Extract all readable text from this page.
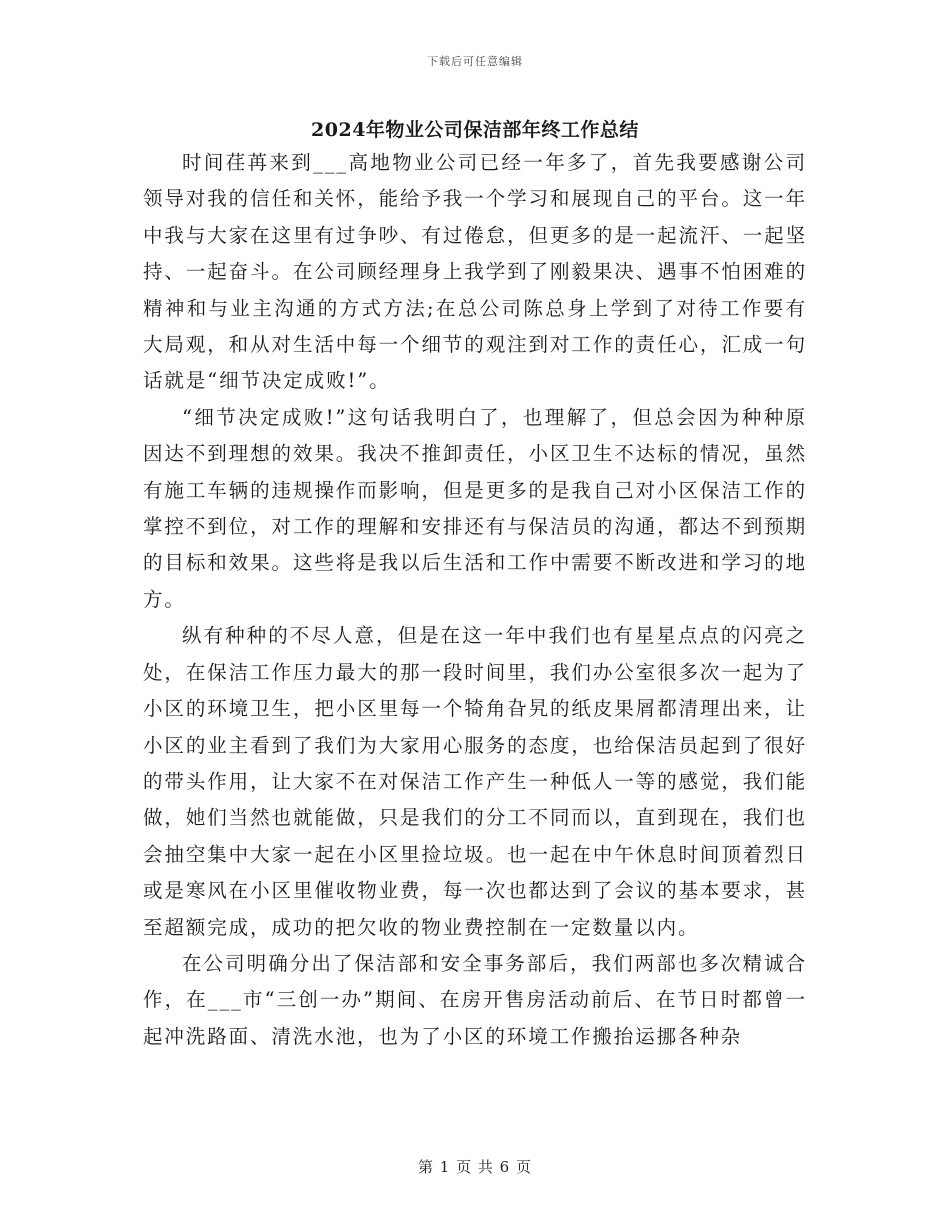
下载后可任意编辑
2024年物业公司保洁部年终工作总结

时间荏苒来到___高地物业公司已经一年多了，首先我要感谢公司领导对我的信任和关怀，能给予我一个学习和展现自己的平台。这一年中我与大家在这里有过争吵、有过倦怠，但更多的是一起流汗、一起坚持、一起奋斗。在公司顾经理身上我学到了刚毅果决、遇事不怕困难的精神和与业主沟通的方式方法;在总公司陈总身上学到了对待工作要有大局观，和从对生活中每一个细节的观注到对工作的责任心，汇成一句话就是“细节决定成败!”。

“细节决定成败!”这句话我明白了，也理解了，但总会因为种种原因达不到理想的效果。我决不推卸责任，小区卫生不达标的情况，虽然有施工车辆的违规操作而影响，但是更多的是我自己对小区保洁工作的掌控不到位，对工作的理解和安排还有与保洁员的沟通，都达不到预期的目标和效果。这些将是我以后生活和工作中需要不断改进和学习的地方。

纵有种种的不尽人意，但是在这一年中我们也有星星点点的闪亮之处，在保洁工作压力最大的那一段时间里，我们办公室很多次一起为了小区的环境卫生，把小区里每一个犄角旮旯的纸皮果屑都清理出来，让小区的业主看到了我们为大家用心服务的态度，也给保洁员起到了很好的带头作用，让大家不在对保洁工作产生一种低人一等的感觉，我们能做，她们当然也就能做，只是我们的分工不同而以，直到现在，我们也会抽空集中大家一起在小区里捡垃圾。也一起在中午休息时间顶着烈日或是寒风在小区里催收物业费，每一次也都达到了会议的基本要求，甚至超额完成，成功的把欠收的物业费控制在一定数量以内。

在公司明确分出了保洁部和安全事务部后，我们两部也多次精诚合作，在___市“三创一办”期间、在房开售房活动前后、在节日时都曾一起冲洗路面、清洗水池，也为了小区的环境工作搬抬运挪各种杂

第 1 页 共 6 页
